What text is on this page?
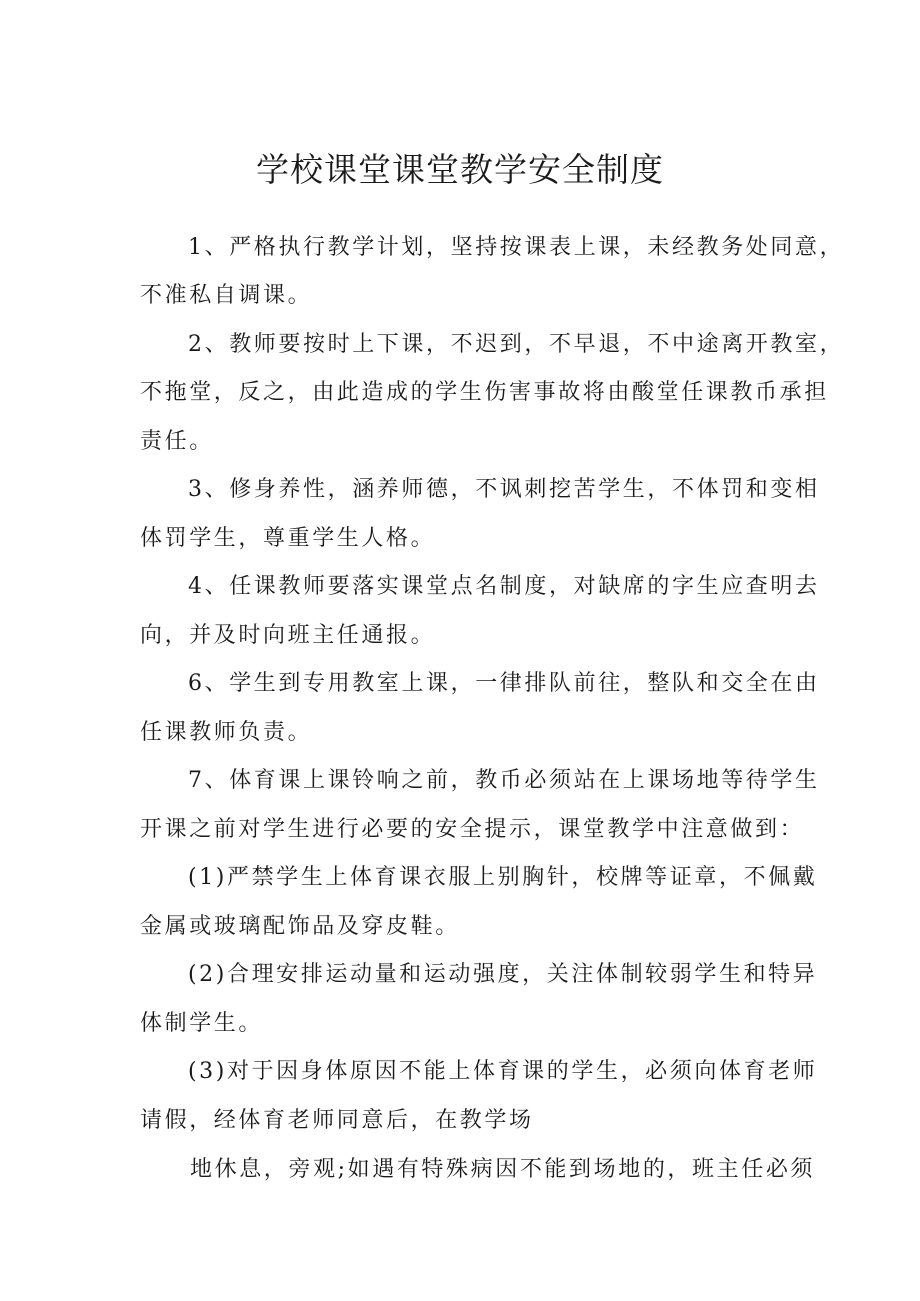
学校课堂课堂教学安全制度
1、严格执行教学计划，坚持按课表上课，未经教务处同意，
不准私自调课。
2、教师要按时上下课，不迟到，不早退，不中途离开教室，
不拖堂，反之，由此造成的学生伤害事故将由酸堂任课教币承担
责任。
3、修身养性，涵养师德，不讽刺挖苦学生，不体罚和变相
体罚学生，尊重学生人格。
4、任课教师要落实课堂点名制度，对缺席的字生应查明去
向，并及时向班主任通报。
6、学生到专用教室上课，一律排队前往，整队和交全在由
任课教师负责。
7、体育课上课铃响之前，教币必须站在上课场地等待学生
开课之前对学生进行必要的安全提示，课堂教学中注意做到：
(1)严禁学生上体育课衣服上别胸针，校牌等证章，不佩戴
金属或玻璃配饰品及穿皮鞋。
(2)合理安排运动量和运动强度，关注体制较弱学生和特异
体制学生。
(3)对于因身体原因不能上体育课的学生，必须向体育老师
请假，经体育老师同意后，在教学场
地休息，旁观;如遇有特殊病因不能到场地的，班主任必须
